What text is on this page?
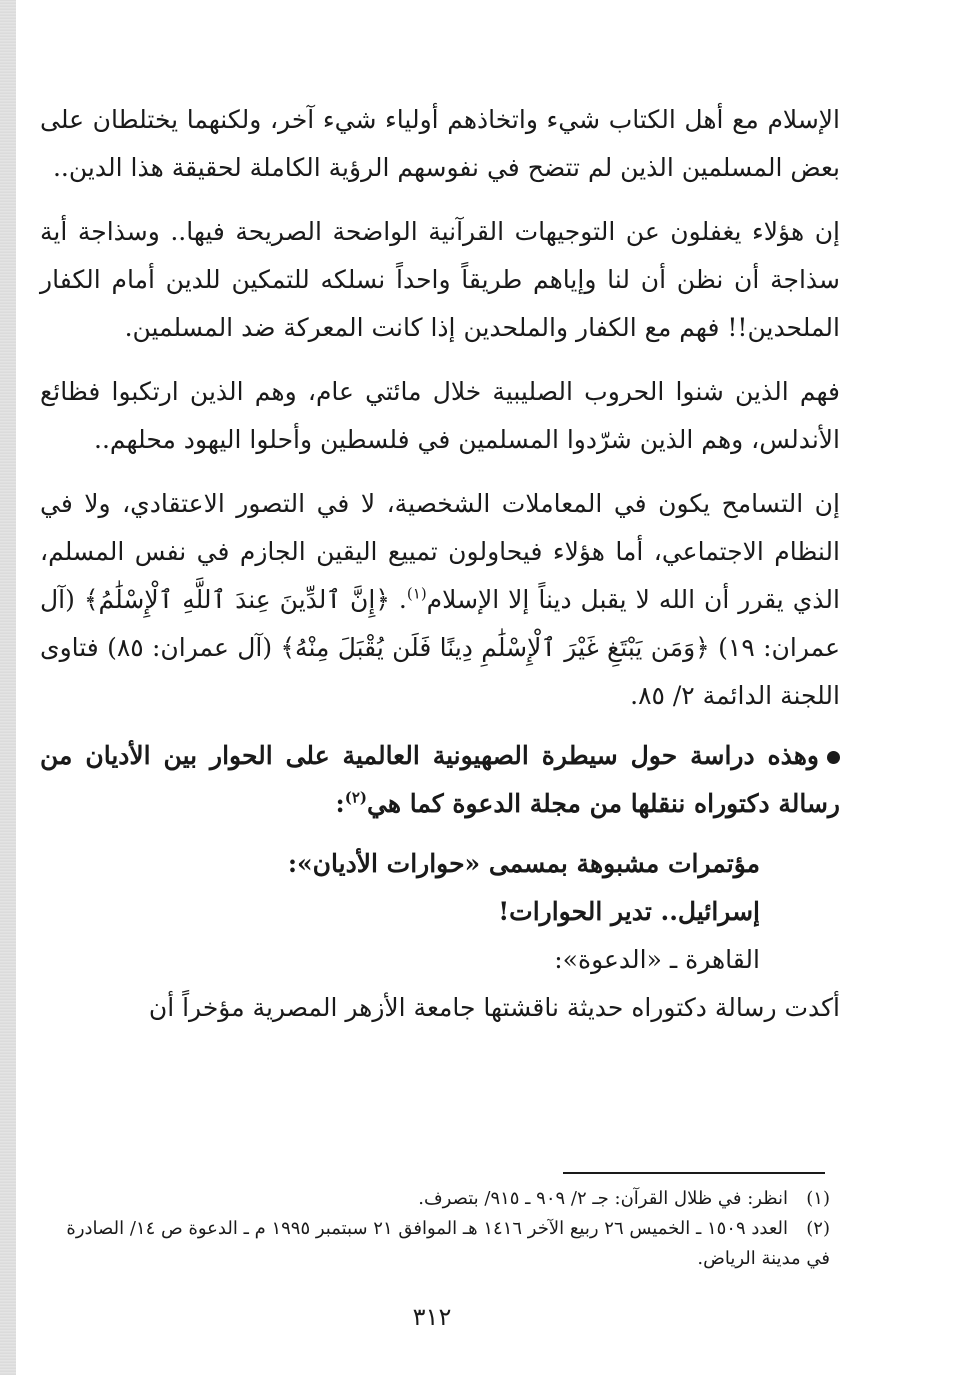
الإسلام مع أهل الكتاب شيء واتخاذهم أولياء شيء آخر، ولكنهما يختلطان على بعض المسلمين الذين لم تتضح في نفوسهم الرؤية الكاملة لحقيقة هذا الدين..

إن هؤلاء يغفلون عن التوجيهات القرآنية الواضحة الصريحة فيها.. وسذاجة أية سذاجة أن نظن أن لنا وإياهم طريقاً واحداً نسلكه للتمكين للدين أمام الكفار الملحدين!! فهم مع الكفار والملحدين إذا كانت المعركة ضد المسلمين.

فهم الذين شنوا الحروب الصليبية خلال مائتي عام، وهم الذين ارتكبوا فظائع الأندلس، وهم الذين شرّدوا المسلمين في فلسطين وأحلوا اليهود محلهم..

إن التسامح يكون في المعاملات الشخصية، لا في التصور الاعتقادي، ولا في النظام الاجتماعي، أما هؤلاء فيحاولون تمييع اليقين الجازم في نفس المسلم، الذي يقرر أن الله لا يقبل ديناً إلا الإسلام$^{(١)}$. ﴿إِنَّ ٱلدِّينَ عِندَ ٱللَّهِ ٱلْإِسْلَٰمُ﴾ (آل عمران: ١٩) ﴿وَمَن يَبْتَغِ غَيْرَ ٱلْإِسْلَٰمِ دِينًا فَلَن يُقْبَلَ مِنْهُ﴾ (آل عمران: ٨٥) فتاوى اللجنة الدائمة ٢/ ٨٥.

وهذه دراسة حول سيطرة الصهيونية العالمية على الحوار بين الأديان من رسالة دكتوراه ننقلها من مجلة الدعوة كما هي$^{(٢)}$:

مؤتمرات مشبوهة بمسمى «حوارات الأديان»:

إسرائيل.. تدير الحوارات!

القاهرة ـ «الدعوة»:

أكدت رسالة دكتوراه حديثة ناقشتها جامعة الأزهر المصرية مؤخراً أن

(١)انظر: في ظلال القرآن: جـ ٢/ ٩٠٩ ـ ٩١٥/ بتصرف.

(٢)العدد ١٥٠٩ ـ الخميس ٢٦ ربيع الآخر ١٤١٦ هـ الموافق ٢١ سبتمبر ١٩٩٥ م ـ الدعوة ص ١٤/ الصادرة في مدينة الرياض.

٣١٢
